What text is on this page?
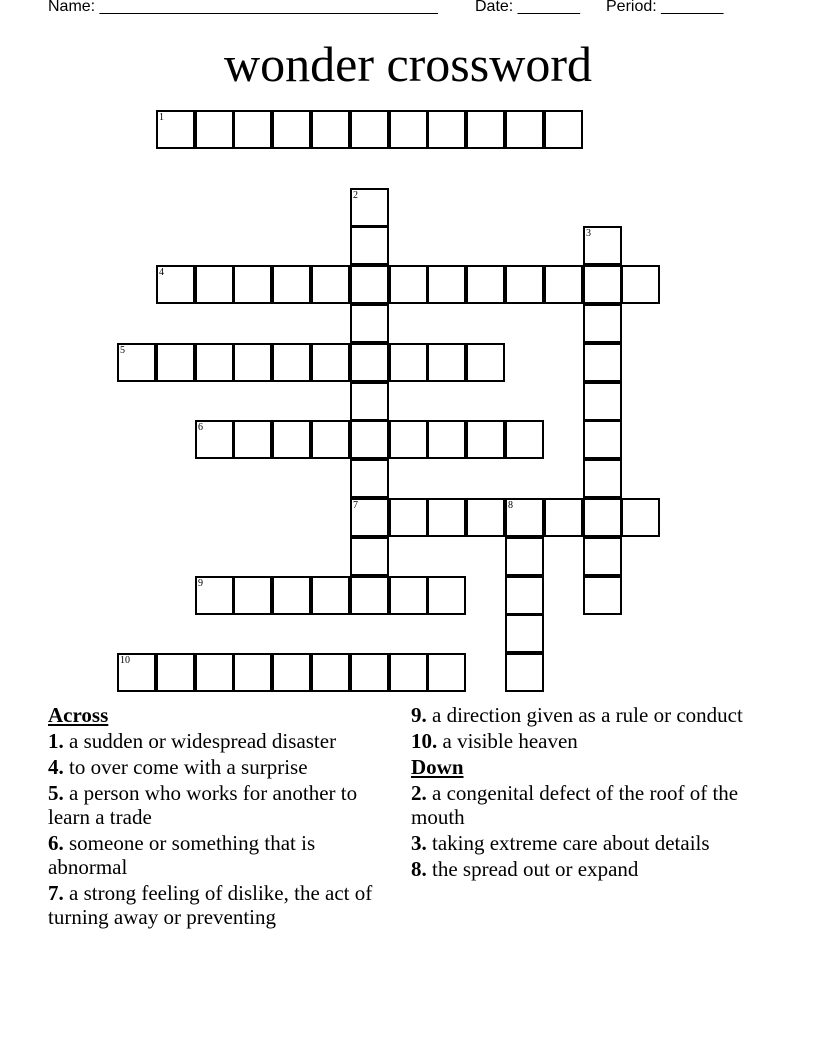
Name: ______________________________________ Date: _______ Period: _______
wonder crossword
1
2
7
3
4
5
6
8
9
10
Across
1. a sudden or widespread disaster
4. to over come with a surprise
5. a person who works for another to learn a trade
6. someone or something that is abnormal
7. a strong feeling of dislike, the act of turning away or preventing
9. a direction given as a rule or conduct
10. a visible heaven
Down
2. a congenital defect of the roof of the mouth
3. taking extreme care about details
8. the spread out or expand
